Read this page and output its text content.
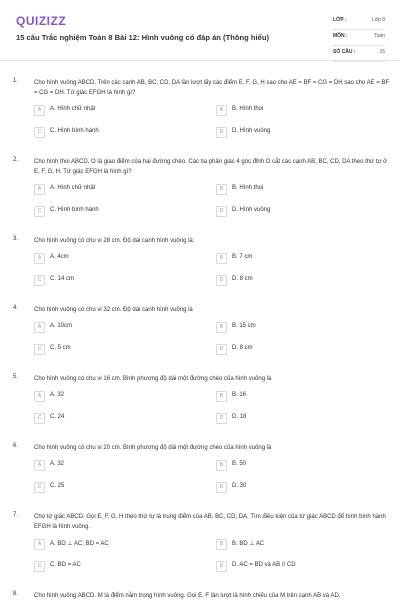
QUIZIZZ
15 câu Trắc nghiệm Toán 8 Bài 12: Hình vuông có đáp án (Thông hiểu)
LỚP :	Lớp 8
MÔN :	Toán
SỐ CÂU :	15
1.	Cho hình vuông ABCD. Trên các cạnh AB, BC, CD, DA lần lượt lấy các điểm E, F, G, H sao cho AE = BF = CG = DH sao cho AE = BF = CG = DH. Tứ giác EFGH là hình gì?
A	A. Hình chữ nhật	B	B. Hình thoi
C	C. Hình bình hành	D	D. Hình vuông
2.	Cho hình thoi ABCD, O là giao điểm của hai đường chéo. Các tia phân giác 4 góc đỉnh O cắt các cạnh AB, BC, CD, DA theo thứ tự ở E, F, G, H. Tứ giác EFGH là hình gì?
A	A. Hình chữ nhật	B	B. Hình thoi
C	C. Hình bình hành	D	D. Hình vuông
3.	Cho hình vuông có chu vi 28 cm. Độ dài cạnh hình vuông là:
A	A. 4cm	B	B. 7 cm
C	C. 14 cm	D	D. 8 cm
4.	Cho hình vuông có chu vi 32 cm. Độ dài cạnh hình vuông là
A	A. 10cm	B	B. 15 cm
C	C. 5 cm	D	D. 8 cm
5.	Cho hình vuông có chu vi 16 cm. Bình phương độ dài một đường chéo của hình vuông là
A	A. 32	B	B. 16
C	C. 24	D	D. 18
6.	Cho hình vuông có chu vi 20 cm. Bình phương độ dài một đường chéo của hình vuông là
A	A. 32	B	B. 50
C	C. 25	D	D. 30
7.	Cho tứ giác ABCD. Gọi E, F, G, H theo thứ tự là trung điểm của AB, BC, CD, DA. Tìm điều kiện của tứ giác ABCD để hình bình hành EFGH là hình vuông.
A	A. BD ⊥ AC; BD = AC	B	B. BD ⊥ AC
C	C. BD = AC	D	D. AC = BD và AB // CD
8.	Cho hình vuông ABCD. M là điểm nằm trong hình vuông. Gọi E, F lần lượt là hình chiếu của M trên cạnh AB và AD.
